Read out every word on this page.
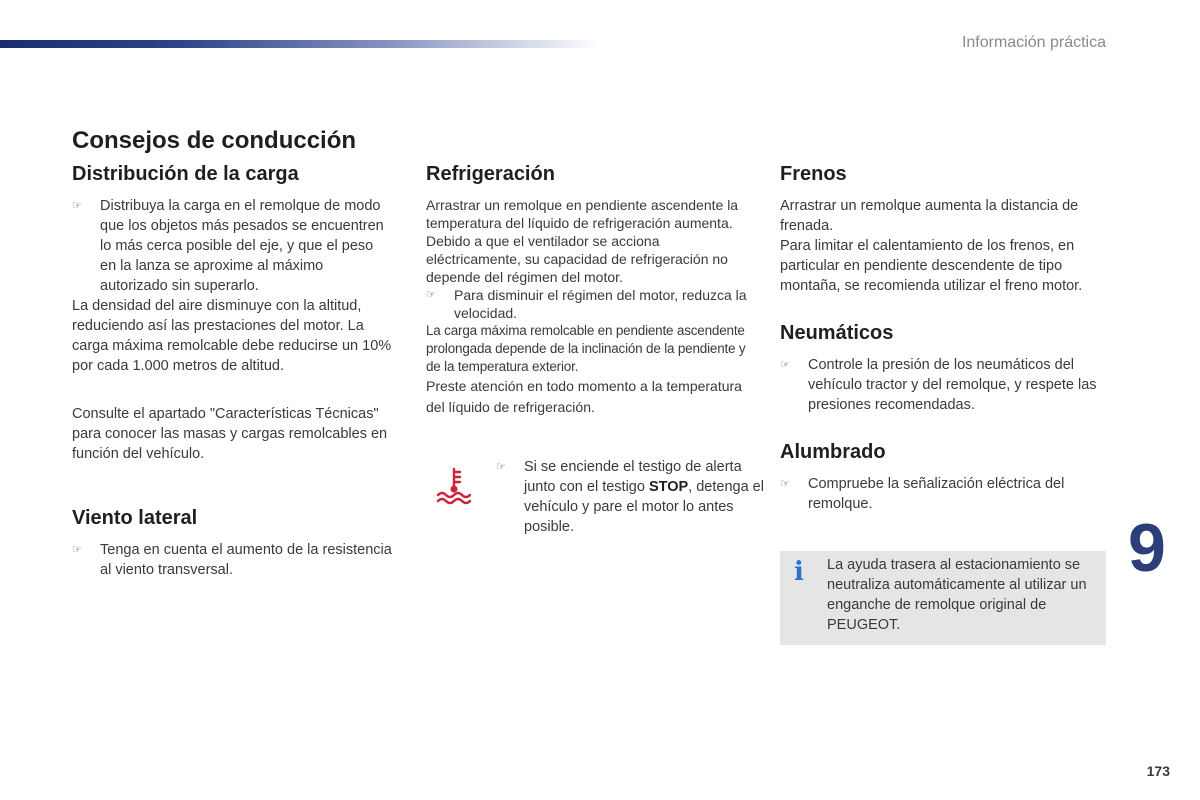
Información práctica
Consejos de conducción
Distribución de la carga
☞ Distribuya la carga en el remolque de modo que los objetos más pesados se encuentren lo más cerca posible del eje, y que el peso en la lanza se aproxime al máximo autorizado sin superarlo.

La densidad del aire disminuye con la altitud, reduciendo así las prestaciones del motor. La carga máxima remolcable debe reducirse un 10% por cada 1.000 metros de altitud.

Consulte el apartado "Características Técnicas" para conocer las masas y cargas remolcables en función del vehículo.

Viento lateral
☞ Tenga en cuenta el aumento de la resistencia al viento transversal.
Refrigeración

Arrastrar un remolque en pendiente ascendente la temperatura del líquido de refrigeración aumenta.

Debido a que el ventilador se acciona eléctricamente, su capacidad de refrigeración no depende del régimen del motor.

☞ Para disminuir el régimen del motor, reduzca la velocidad.

La carga máxima remolcable en pendiente ascendente prolongada depende de la inclinación de la pendiente y de la temperatura exterior.

Preste atención en todo momento a la temperatura del líquido de refrigeración.

☞ Si se enciende el testigo de alerta junto con el testigo STOP, detenga el vehículo y pare el motor lo antes posible.
Frenos

Arrastrar un remolque aumenta la distancia de frenada.

Para limitar el calentamiento de los frenos, en particular en pendiente descendente de tipo montaña, se recomienda utilizar el freno motor.

Neumáticos
☞ Controle la presión de los neumáticos del vehículo tractor y del remolque, y respete las presiones recomendadas.
Alumbrado
☞ Compruebe la señalización eléctrica del remolque.
i La ayuda trasera al estacionamiento se neutraliza automáticamente al utilizar un enganche de remolque original de PEUGEOT.
9
173
